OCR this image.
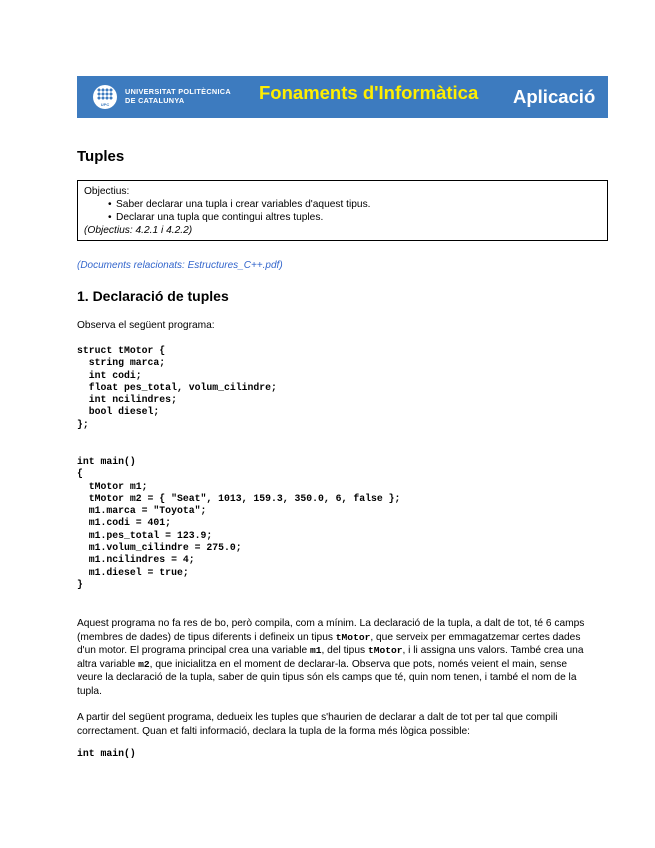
UPC
UNIVERSITAT POLITÈCNICA
DE CATALUNYA	Fonaments d'Informàtica Aplicació
Tuples
Objectius:
• Saber declarar una tupla i crear variables d'aquest tipus.
• Declarar una tupla que contingui altres tuples.
(Objectius: 4.2.1 i 4.2.2)
(Documents relacionats: Estructures_C++.pdf)
1. Declaració de tuples

Observa el següent programa:

struct tMotor {
string marca;
int codi;
float pes_total, volum_cilindre;
int ncilindres;
bool diesel;
};
int main()
{
tMotor m1;
tMotor m2 = { "Seat", 1013, 159.3, 350.0, 6, false };
m1.marca = "Toyota";
m1.codi = 401;
m1.pes_total = 123.9;
m1.volum_cilindre = 275.0;
m1.ncilindres = 4;
m1.diesel = true;
}

Aquest programa no fa res de bo, però compila, com a mínim. La declaració de la tupla, a dalt de tot, té 6 camps (membres de dades) de tipus diferents i defineix un tipus tMotor, que serveix per emmagatzemar certes dades d'un motor. El programa principal crea una variable m1, del tipus tMotor, i li assigna uns valors. També crea una altra variable m2, que inicialitza en el moment de declarar-la. Observa que pots, només veient el main, sense veure la declaració de la tupla, saber de quin tipus són els camps que té, quin nom tenen, i també el nom de la tupla.

A partir del següent programa, dedueix les tuples que s'haurien de declarar a dalt de tot per tal que compili correctament. Quan et falti informació, declara la tupla de la forma més lògica possible:

int main()
